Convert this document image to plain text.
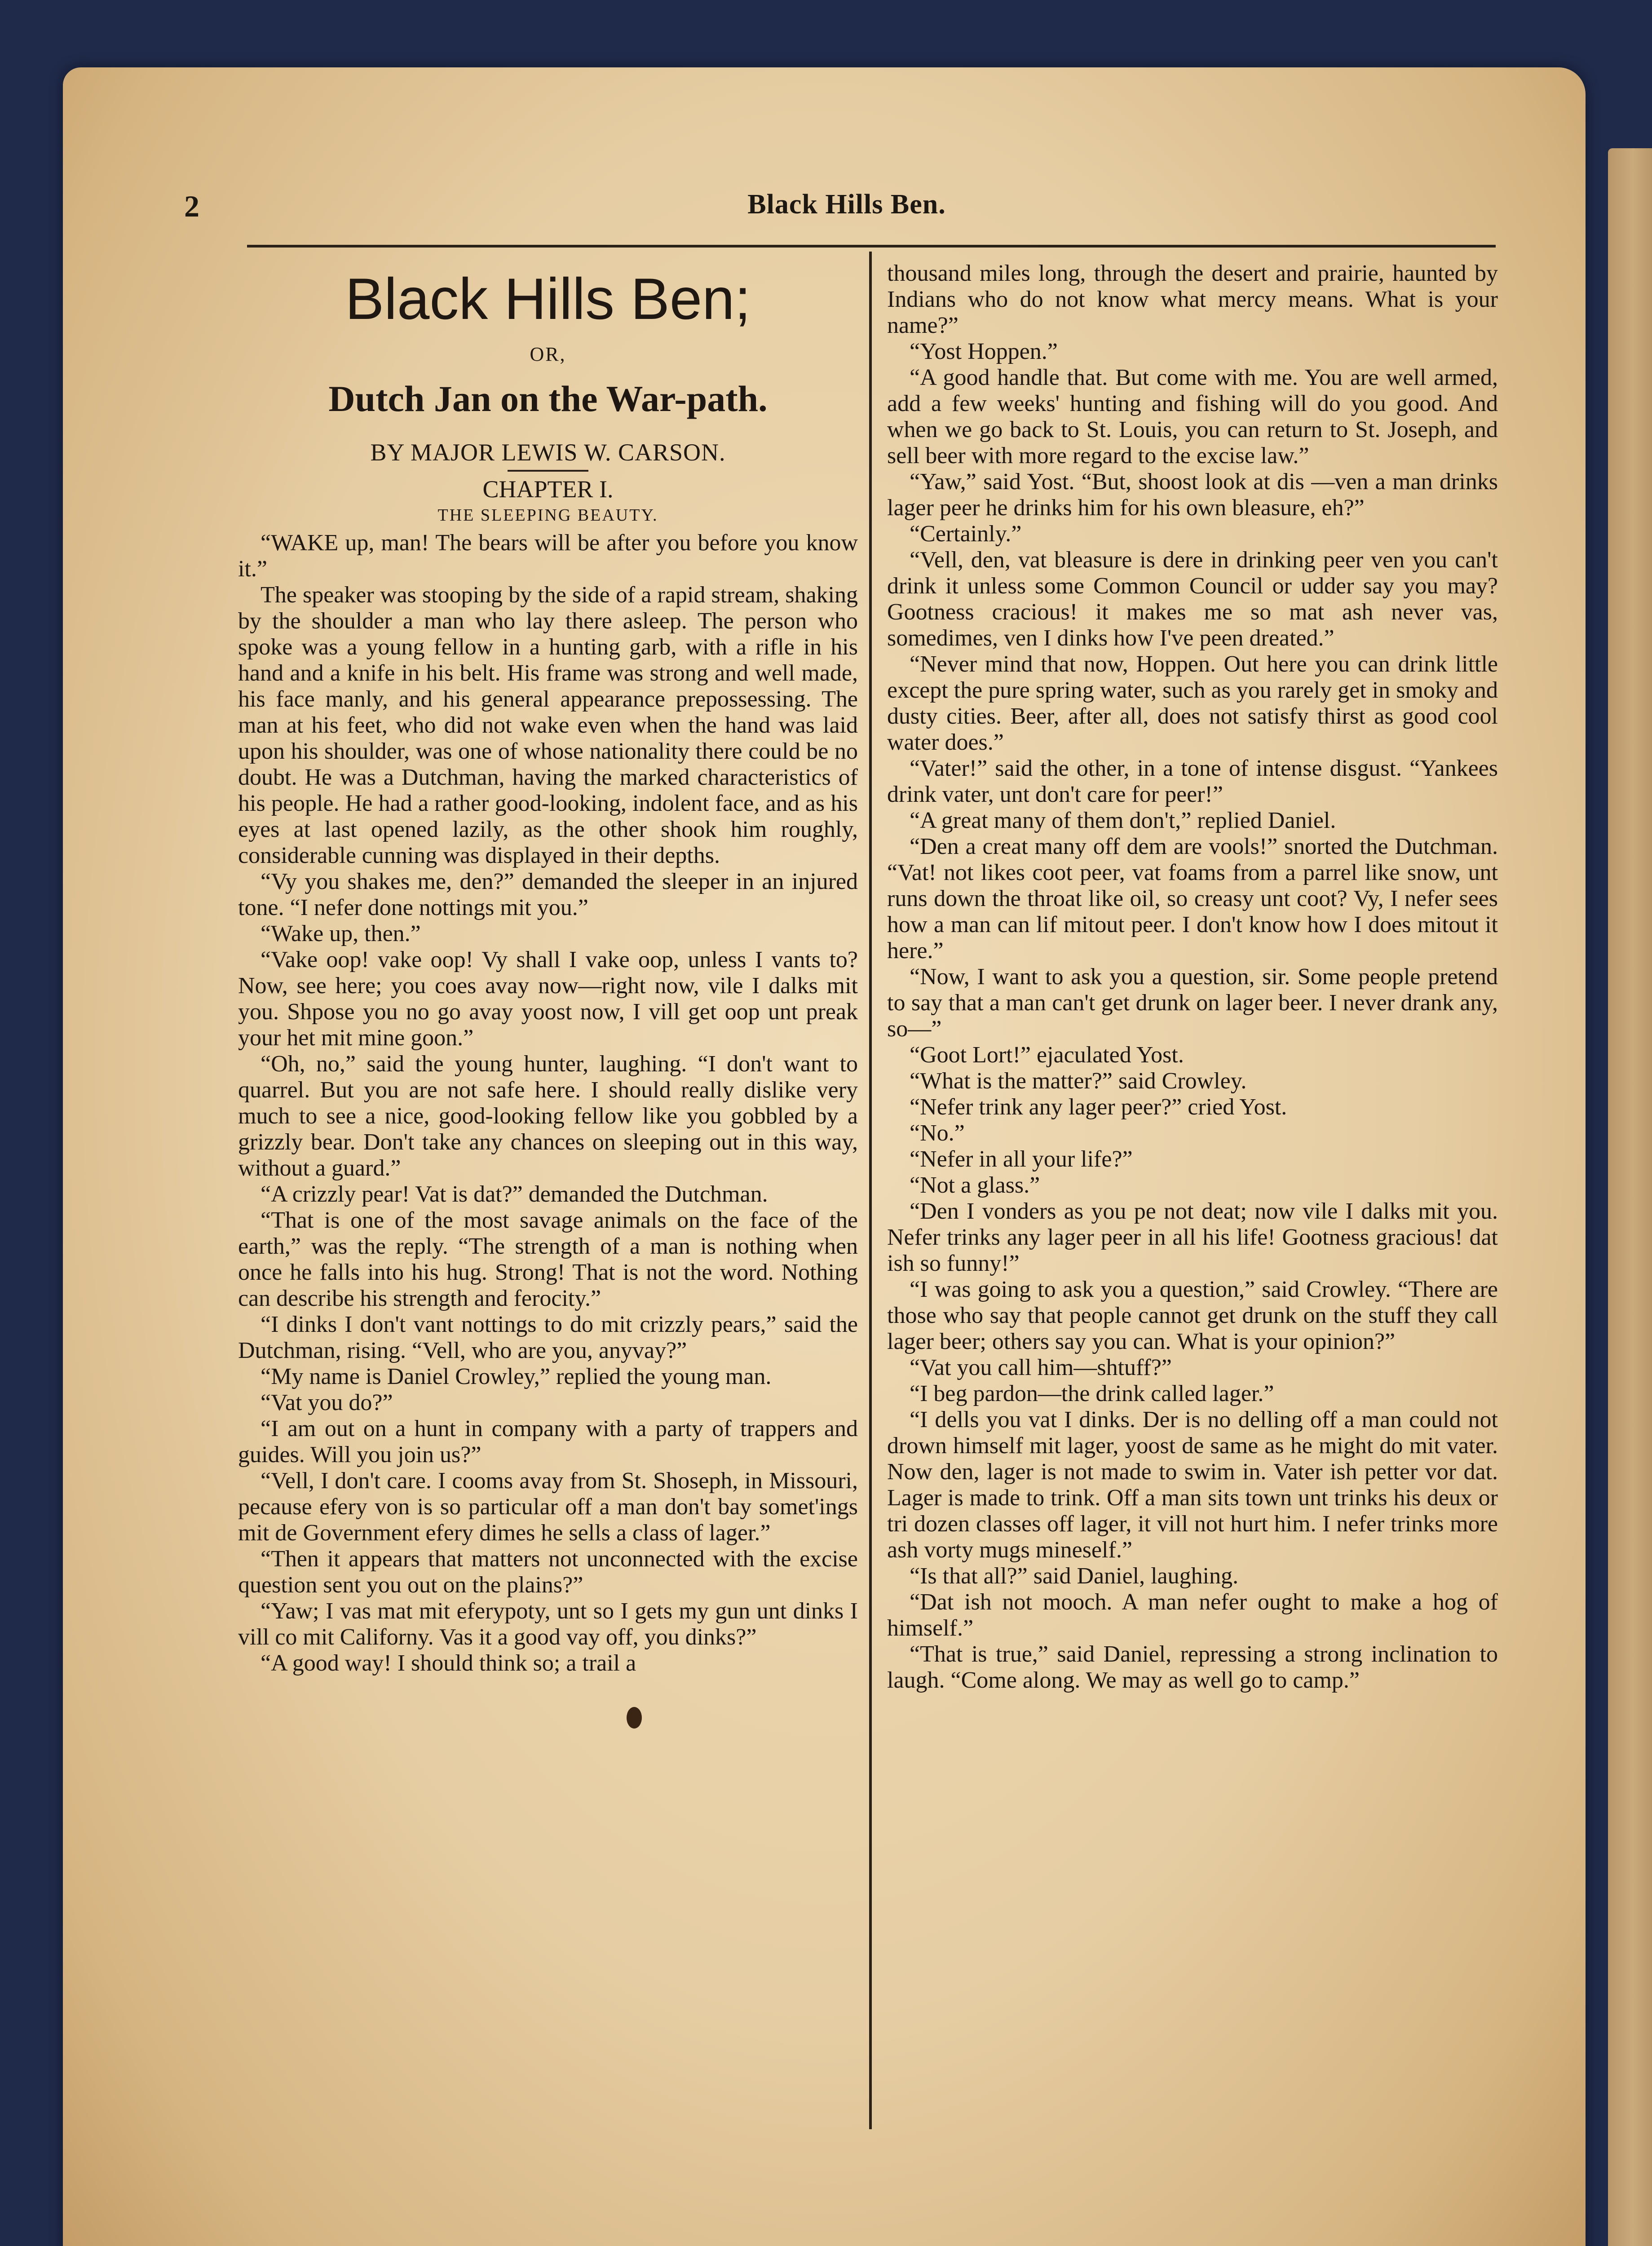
2	Black Hills Ben.
Black Hills Ben;
OR,
Dutch Jan on the War-path.
BY MAJOR LEWIS W. CARSON.
CHAPTER I.
THE SLEEPING BEAUTY.

“WAKE up, man! The bears will be after you before you know it.”

The speaker was stooping by the side of a rapid stream, shaking by the shoulder a man who lay there asleep. The person who spoke was a young fellow in a hunting garb, with a rifle in his hand and a knife in his belt. His frame was strong and well made, his face manly, and his general appearance prepossessing. The man at his feet, who did not wake even when the hand was laid upon his shoulder, was one of whose nationality there could be no doubt. He was a Dutchman, having the marked characteristics of his people. He had a rather good-looking, indolent face, and as his eyes at last opened lazily, as the other shook him roughly, considerable cunning was displayed in their depths.

“Vy you shakes me, den?” demanded the sleeper in an injured tone. “I nefer done nottings mit you.”

“Wake up, then.”

“Vake oop! vake oop! Vy shall I vake oop, unless I vants to? Now, see here; you coes avay now—right now, vile I dalks mit you. Shpose you no go avay yoost now, I vill get oop unt preak your het mit mine goon.”

“Oh, no,” said the young hunter, laughing. “I don't want to quarrel. But you are not safe here. I should really dislike very much to see a nice, good-looking fellow like you gobbled by a grizzly bear. Don't take any chances on sleeping out in this way, without a guard.”

“A crizzly pear! Vat is dat?” demanded the Dutchman.

“That is one of the most savage animals on the face of the earth,” was the reply. “The strength of a man is nothing when once he falls into his hug. Strong! That is not the word. Nothing can describe his strength and ferocity.”

“I dinks I don't vant nottings to do mit crizzly pears,” said the Dutchman, rising. “Vell, who are you, anyvay?”

“My name is Daniel Crowley,” replied the young man.

“Vat you do?”

“I am out on a hunt in company with a party of trappers and guides. Will you join us?”

“Vell, I don't care. I cooms avay from St. Shoseph, in Missouri, pecause efery von is so particular off a man don't bay somet'ings mit de Government efery dimes he sells a class of lager.”

“Then it appears that matters not unconnected with the excise question sent you out on the plains?”

“Yaw; I vas mat mit eferypoty, unt so I gets my gun unt dinks I vill co mit Californy. Vas it a good vay off, you dinks?”

“A good way! I should think so; a trail a

thousand miles long, through the desert and prairie, haunted by Indians who do not know what mercy means. What is your name?”

“Yost Hoppen.”

“A good handle that. But come with me. You are well armed, add a few weeks' hunting and fishing will do you good. And when we go back to St. Louis, you can return to St. Joseph, and sell beer with more regard to the excise law.”

“Yaw,” said Yost. “But, shoost look at dis —ven a man drinks lager peer he drinks him for his own bleasure, eh?”

“Certainly.”

“Vell, den, vat bleasure is dere in drinking peer ven you can't drink it unless some Common Council or udder say you may? Gootness cracious! it makes me so mat ash never vas, somedimes, ven I dinks how I've peen dreated.”

“Never mind that now, Hoppen. Out here you can drink little except the pure spring water, such as you rarely get in smoky and dusty cities. Beer, after all, does not satisfy thirst as good cool water does.”

“Vater!” said the other, in a tone of intense disgust. “Yankees drink vater, unt don't care for peer!”

“A great many of them don't,” replied Daniel.

“Den a creat many off dem are vools!” snorted the Dutchman. “Vat! not likes coot peer, vat foams from a parrel like snow, unt runs down the throat like oil, so creasy unt coot? Vy, I nefer sees how a man can lif mitout peer. I don't know how I does mitout it here.”

“Now, I want to ask you a question, sir. Some people pretend to say that a man can't get drunk on lager beer. I never drank any, so—”

“Goot Lort!” ejaculated Yost.

“What is the matter?” said Crowley.

“Nefer trink any lager peer?” cried Yost.

“No.”

“Nefer in all your life?”

“Not a glass.”

“Den I vonders as you pe not deat; now vile I dalks mit you. Nefer trinks any lager peer in all his life! Gootness gracious! dat ish so funny!”

“I was going to ask you a question,” said Crowley. “There are those who say that people cannot get drunk on the stuff they call lager beer; others say you can. What is your opinion?”

“Vat you call him—shtuff?”

“I beg pardon—the drink called lager.”

“I dells you vat I dinks. Der is no delling off a man could not drown himself mit lager, yoost de same as he might do mit vater. Now den, lager is not made to swim in. Vater ish petter vor dat. Lager is made to trink. Off a man sits town unt trinks his deux or tri dozen classes off lager, it vill not hurt him. I nefer trinks more ash vorty mugs mineself.”

“Is that all?” said Daniel, laughing.

“Dat ish not mooch. A man nefer ought to make a hog of himself.”

“That is true,” said Daniel, repressing a strong inclination to laugh. “Come along. We may as well go to camp.”
